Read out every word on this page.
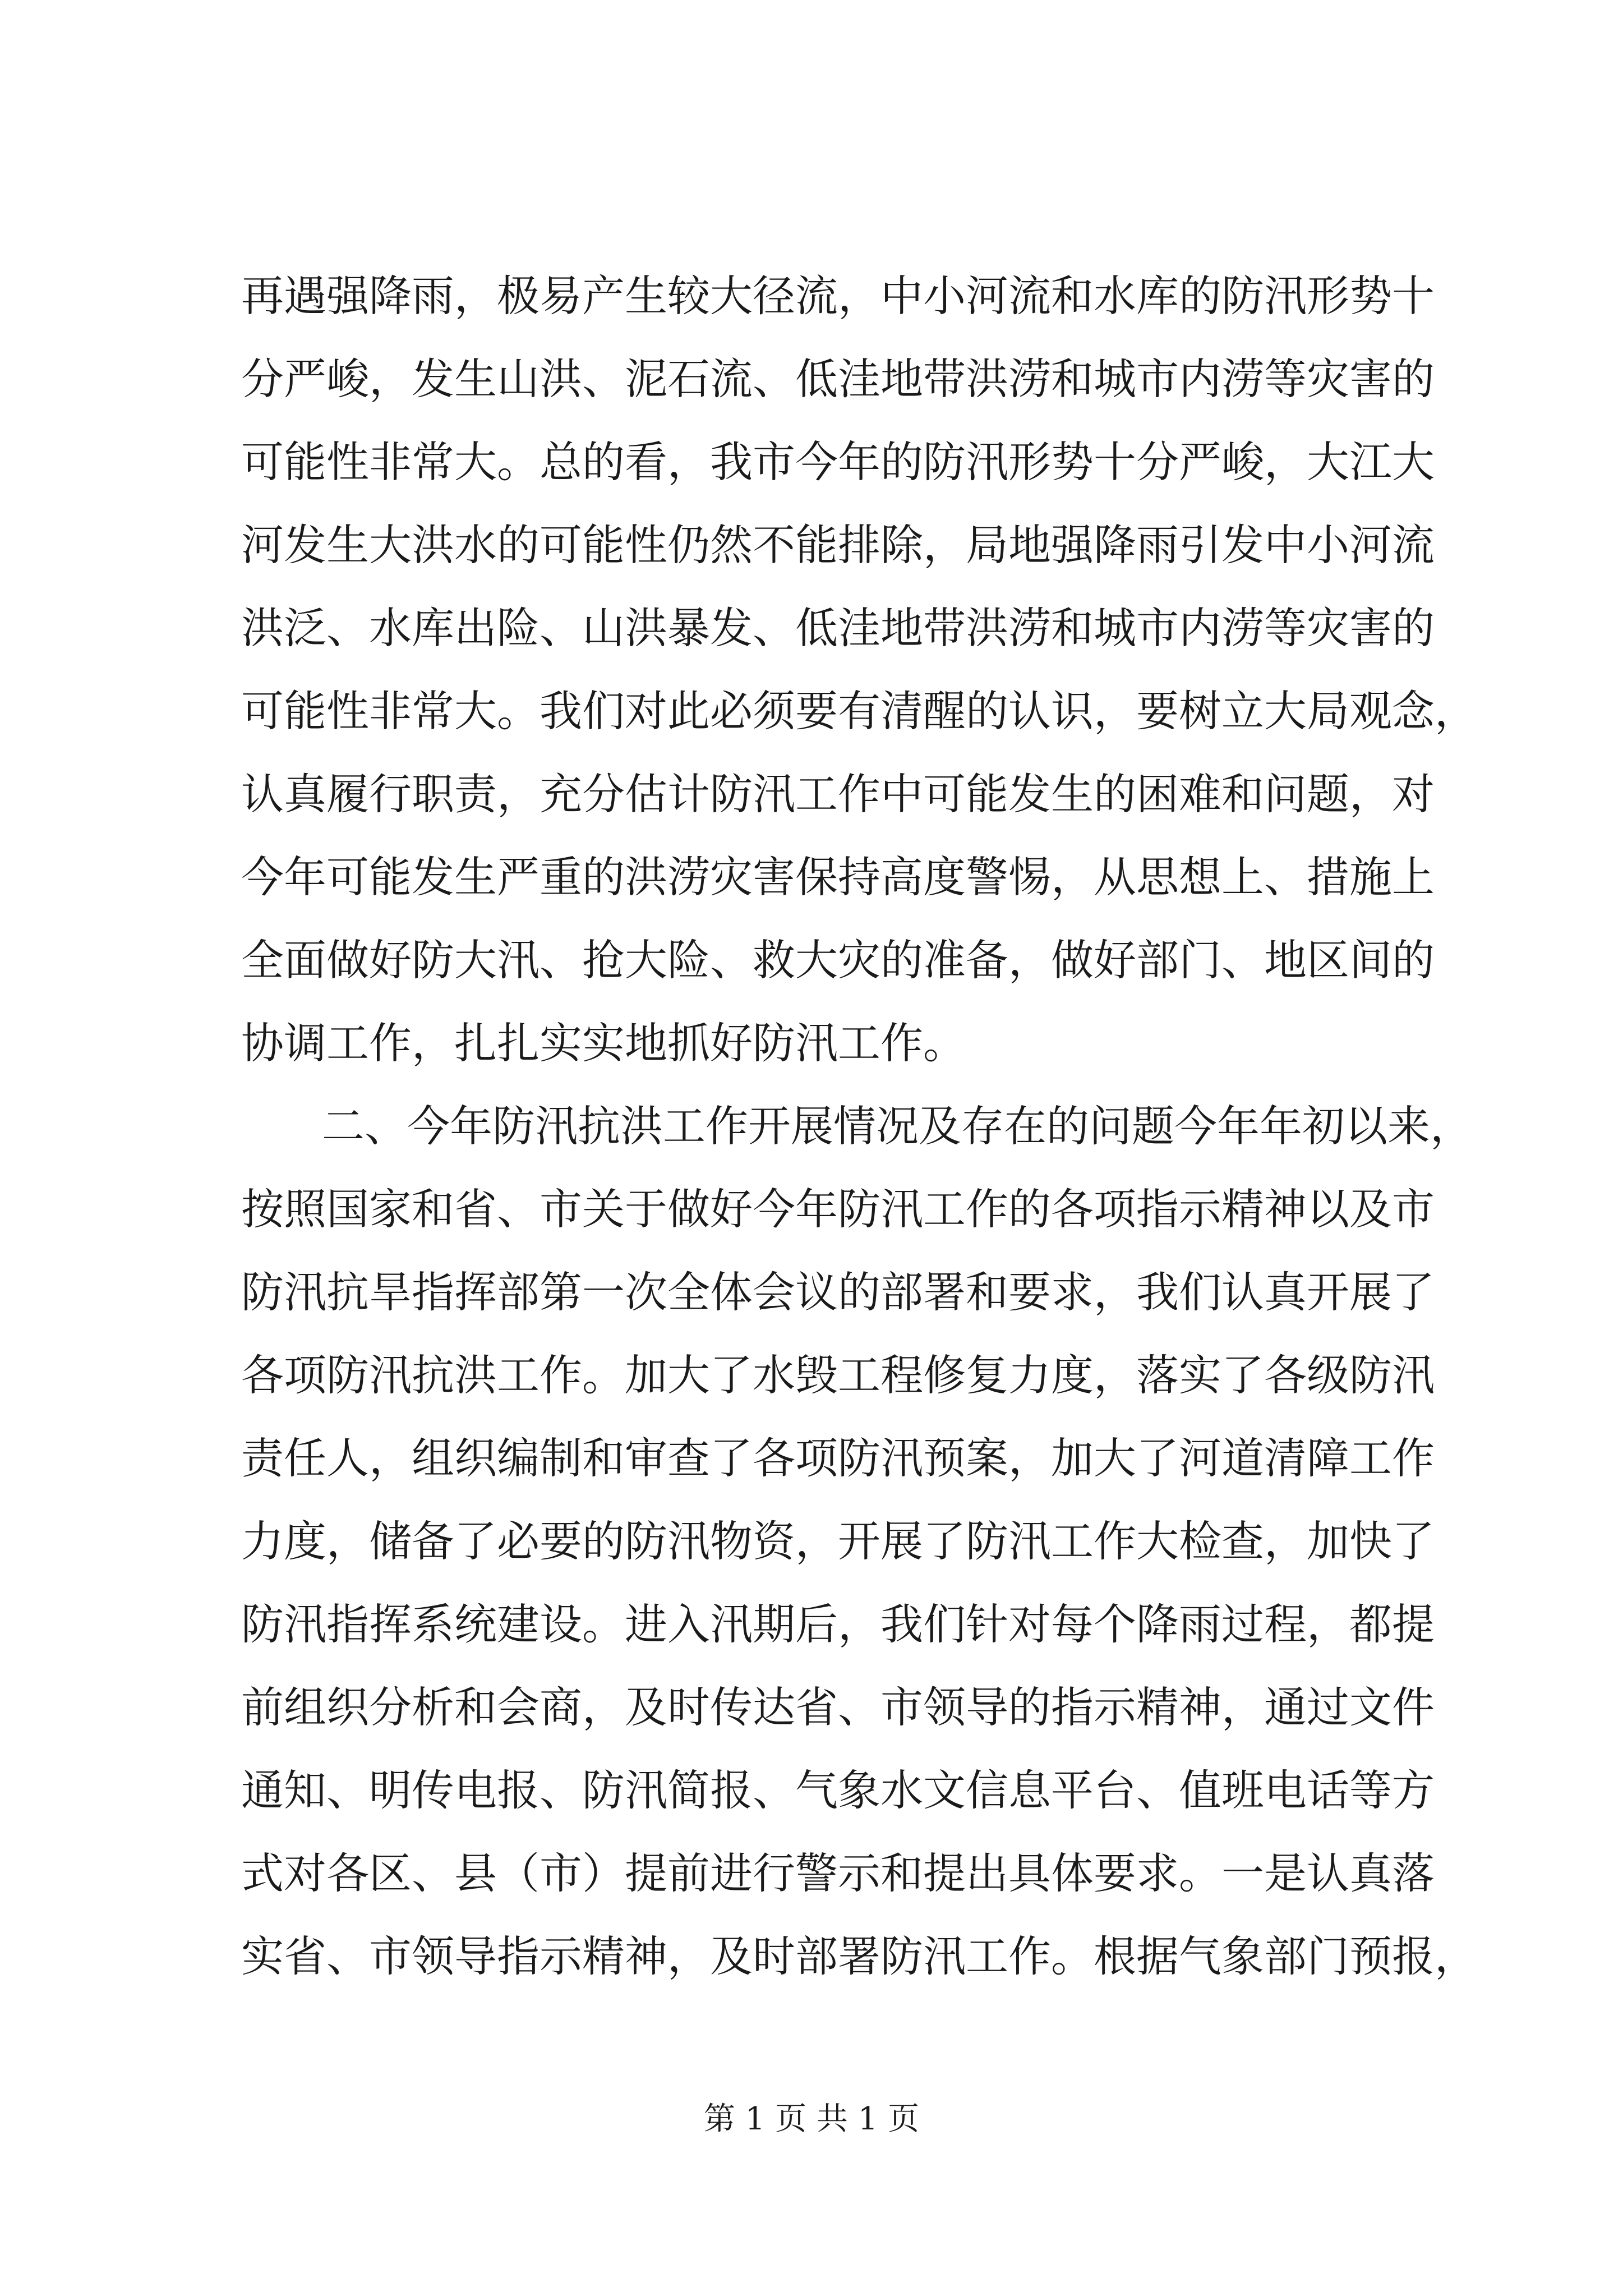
再遇强降雨，极易产生较大径流，中小河流和水库的防汛形势十
分严峻，发生山洪、泥石流、低洼地带洪涝和城市内涝等灾害的
可能性非常大。总的看，我市今年的防汛形势十分严峻，大江大
河发生大洪水的可能性仍然不能排除，局地强降雨引发中小河流
洪泛、水库出险、山洪暴发、低洼地带洪涝和城市内涝等灾害的
可能性非常大。我们对此必须要有清醒的认识，要树立大局观念，
认真履行职责，充分估计防汛工作中可能发生的困难和问题，对
今年可能发生严重的洪涝灾害保持高度警惕，从思想上、措施上
全面做好防大汛、抢大险、救大灾的准备，做好部门、地区间的
协调工作，扎扎实实地抓好防汛工作。
二、今年防汛抗洪工作开展情况及存在的问题今年年初以来，
按照国家和省、市关于做好今年防汛工作的各项指示精神以及市
防汛抗旱指挥部第一次全体会议的部署和要求，我们认真开展了
各项防汛抗洪工作。加大了水毁工程修复力度，落实了各级防汛
责任人，组织编制和审查了各项防汛预案，加大了河道清障工作
力度，储备了必要的防汛物资，开展了防汛工作大检查，加快了
防汛指挥系统建设。进入汛期后，我们针对每个降雨过程，都提
前组织分析和会商，及时传达省、市领导的指示精神，通过文件
通知、明传电报、防汛简报、气象水文信息平台、值班电话等方
式对各区、县（市）提前进行警示和提出具体要求。一是认真落
实省、市领导指示精神，及时部署防汛工作。根据气象部门预报，
第 1 页 共 1 页
